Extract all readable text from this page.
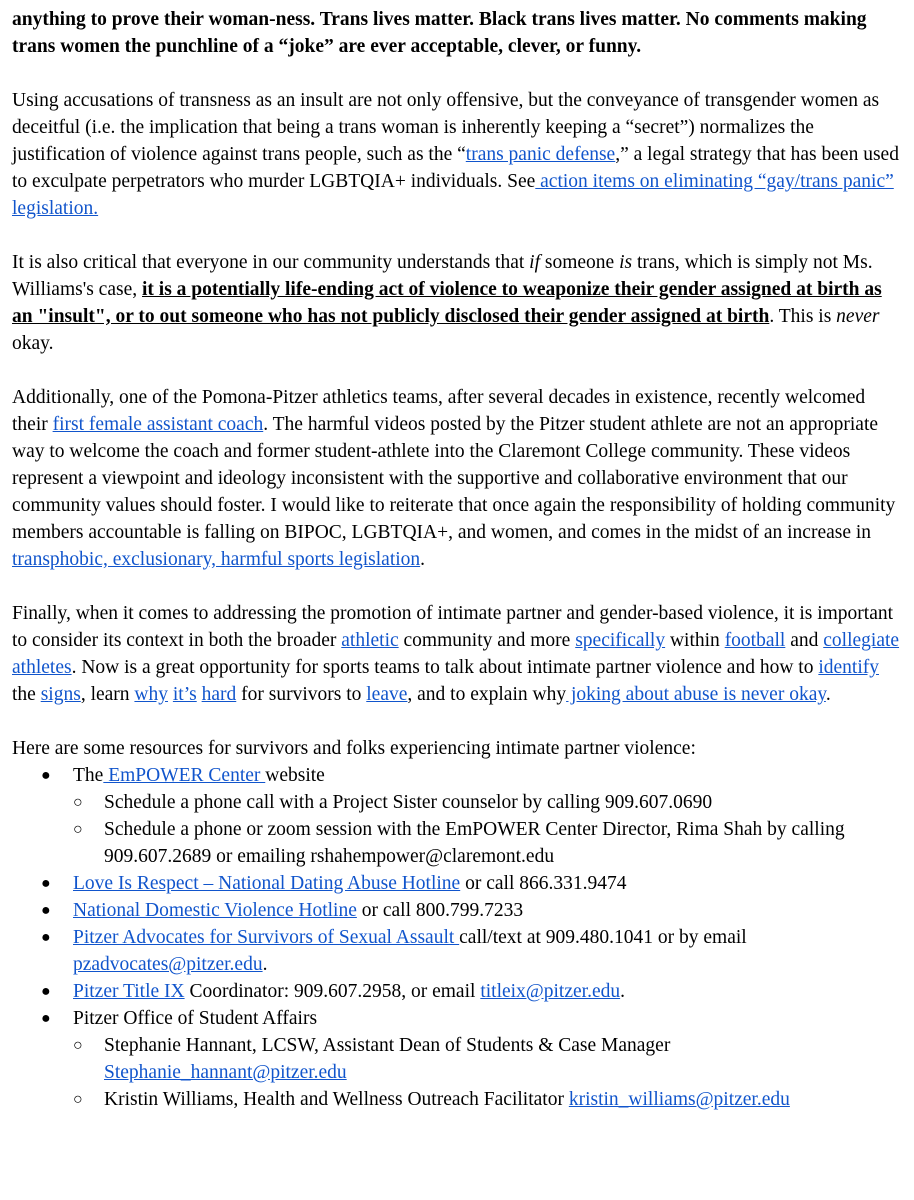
anything to prove their woman-ness. Trans lives matter. Black trans lives matter. No comments making trans women the punchline of a “joke” are ever acceptable, clever, or funny.

Using accusations of transness as an insult are not only offensive, but the conveyance of transgender women as deceitful (i.e. the implication that being a trans woman is inherently keeping a “secret”) normalizes the justification of violence against trans people, such as the “trans panic defense,” a legal strategy that has been used to exculpate perpetrators who murder LGBTQIA+ individuals. See action items on eliminating “gay/trans panic” legislation.

It is also critical that everyone in our community understands that if someone is trans, which is simply not Ms. Williams's case, it is a potentially life-ending act of violence to weaponize their gender assigned at birth as an "insult", or to out someone who has not publicly disclosed their gender assigned at birth. This is never okay.

Additionally, one of the Pomona-Pitzer athletics teams, after several decades in existence, recently welcomed their first female assistant coach. The harmful videos posted by the Pitzer student athlete are not an appropriate way to welcome the coach and former student-athlete into the Claremont College community. These videos represent a viewpoint and ideology inconsistent with the supportive and collaborative environment that our community values should foster. I would like to reiterate that once again the responsibility of holding community members accountable is falling on BIPOC, LGBTQIA+, and women, and comes in the midst of an increase in transphobic, exclusionary, harmful sports legislation.

Finally, when it comes to addressing the promotion of intimate partner and gender-based violence, it is important to consider its context in both the broader athletic community and more specifically within football and collegiate athletes. Now is a great opportunity for sports teams to talk about intimate partner violence and how to identify the signs, learn why it’s hard for survivors to leave, and to explain why joking about abuse is never okay.

Here are some resources for survivors and folks experiencing intimate partner violence:
● The EmPOWER Center website
○ Schedule a phone call with a Project Sister counselor by calling 909.607.0690
○ Schedule a phone or zoom session with the EmPOWER Center Director, Rima Shah by calling 909.607.2689 or emailing rshahempower@claremont.edu
● Love Is Respect – National Dating Abuse Hotline or call 866.331.9474
● National Domestic Violence Hotline or call 800.799.7233
● Pitzer Advocates for Survivors of Sexual Assault call/text at 909.480.1041 or by email pzadvocates@pitzer.edu.
● Pitzer Title IX Coordinator: 909.607.2958, or email titleix@pitzer.edu.
● Pitzer Office of Student Affairs
○ Stephanie Hannant, LCSW, Assistant Dean of Students & Case Manager Stephanie_hannant@pitzer.edu
○ Kristin Williams, Health and Wellness Outreach Facilitator kristin_williams@pitzer.edu
